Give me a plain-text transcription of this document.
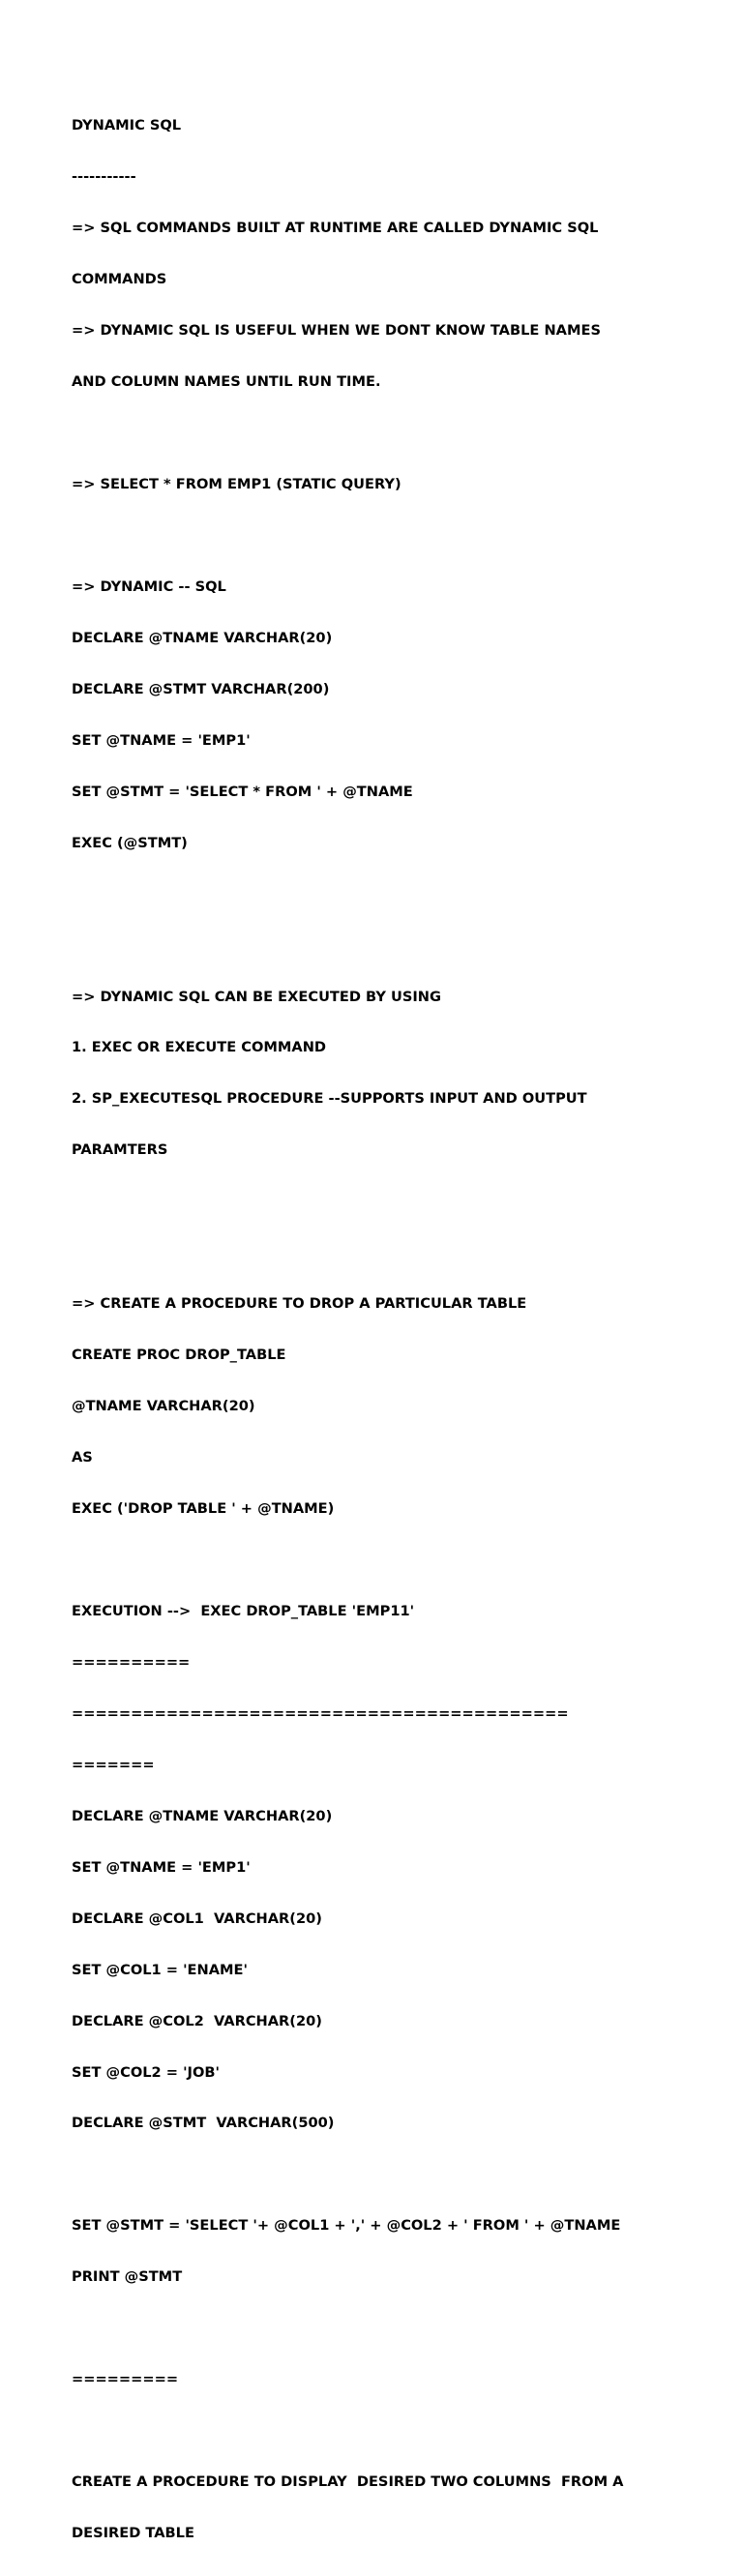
DYNAMIC SQL

-----------

=> SQL COMMANDS BUILT AT RUNTIME ARE CALLED DYNAMIC SQL

COMMANDS

=> DYNAMIC SQL IS USEFUL WHEN WE DONT KNOW TABLE NAMES

AND COLUMN NAMES UNTIL RUN TIME.

=> SELECT * FROM EMP1 (STATIC QUERY)

=> DYNAMIC -- SQL

DECLARE @TNAME VARCHAR(20)

DECLARE @STMT VARCHAR(200)

SET @TNAME = 'EMP1'

SET @STMT = 'SELECT * FROM ' + @TNAME

EXEC (@STMT)

=> DYNAMIC SQL CAN BE EXECUTED BY USING

1. EXEC OR EXECUTE COMMAND

2. SP_EXECUTESQL PROCEDURE --SUPPORTS INPUT AND OUTPUT

PARAMTERS

=> CREATE A PROCEDURE TO DROP A PARTICULAR TABLE

CREATE PROC DROP_TABLE

@TNAME VARCHAR(20)

AS

EXEC ('DROP TABLE ' + @TNAME)

EXECUTION -->  EXEC DROP_TABLE 'EMP11'

==========

==========================================

=======

DECLARE @TNAME VARCHAR(20)

SET @TNAME = 'EMP1'

DECLARE @COL1  VARCHAR(20)

SET @COL1 = 'ENAME'

DECLARE @COL2  VARCHAR(20)

SET @COL2 = 'JOB'

DECLARE @STMT  VARCHAR(500)

SET @STMT = 'SELECT '+ @COL1 + ',' + @COL2 + ' FROM ' + @TNAME

PRINT @STMT

=========

CREATE A PROCEDURE TO DISPLAY  DESIRED TWO COLUMNS  FROM A

DESIRED TABLE
